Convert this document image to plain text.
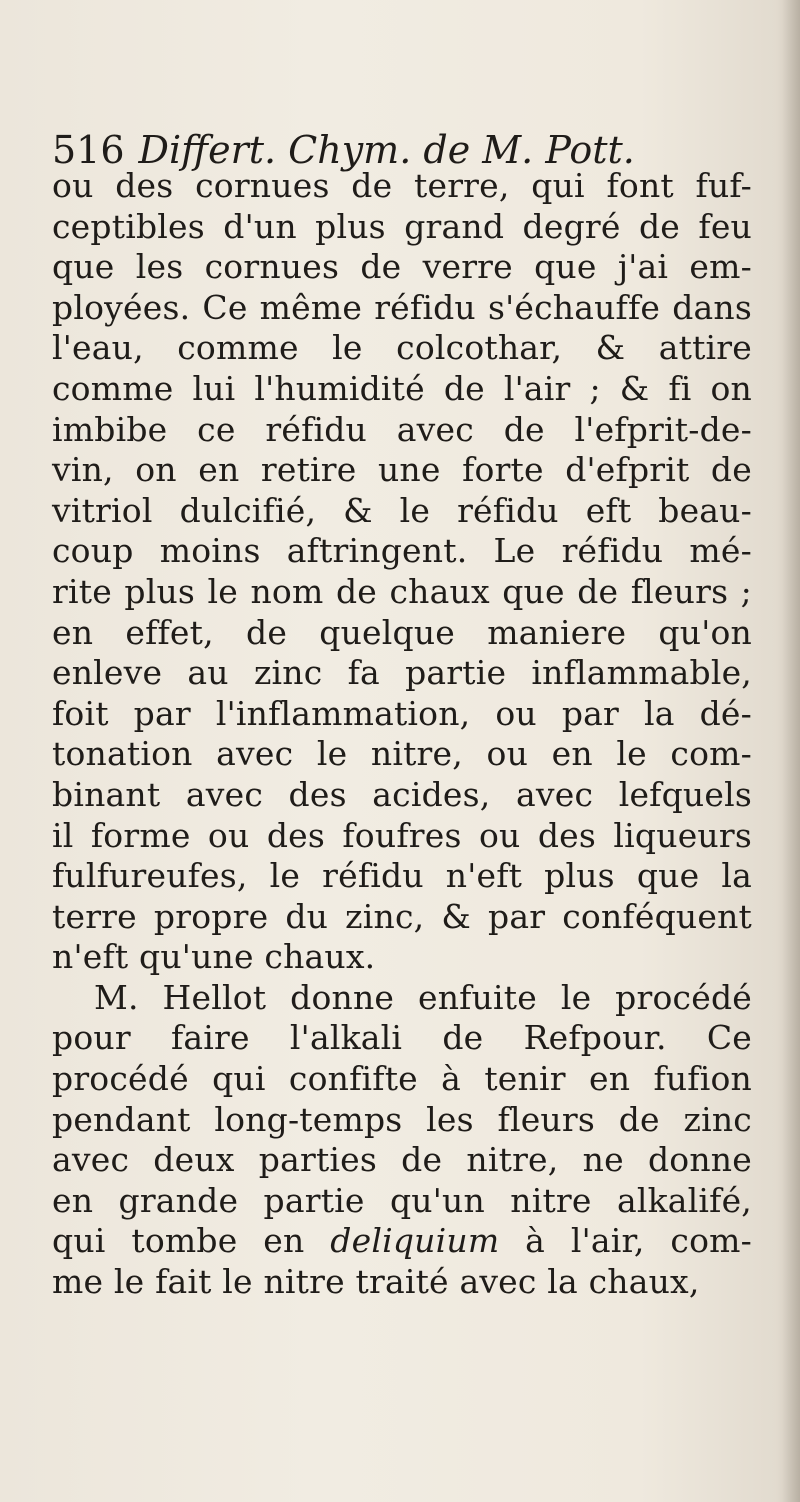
516 Differt. Chym. de M. Pott.
ou des cornues de terre, qui font fuf-
ceptibles d'un plus grand degré de feu
que les cornues de verre que j'ai em-
ployées. Ce même réfidu s'échauffe dans
l'eau, comme le colcothar, & attire
comme lui l'humidité de l'air ; & fi on
imbibe ce réfidu avec de l'efprit-de-
vin, on en retire une forte d'efprit de
vitriol dulcifié, & le réfidu eft beau-
coup moins aftringent. Le réfidu mé-
rite plus le nom de chaux que de fleurs ;
en effet, de quelque maniere qu'on
enleve au zinc fa partie inflammable,
foit par l'inflammation, ou par la dé-
tonation avec le nitre, ou en le com-
binant avec des acides, avec lefquels
il forme ou des foufres ou des liqueurs
fulfureufes, le réfidu n'eft plus que la
terre propre du zinc, & par conféquent
n'eft qu'une chaux.
M. Hellot donne enfuite le procédé
pour faire l'alkali de Refpour. Ce
procédé qui confifte à tenir en fufion
pendant long-temps les fleurs de zinc
avec deux parties de nitre, ne donne
en grande partie qu'un nitre alkalifé,
qui tombe en deliquium à l'air, com-
me le fait le nitre traité avec la chaux,
